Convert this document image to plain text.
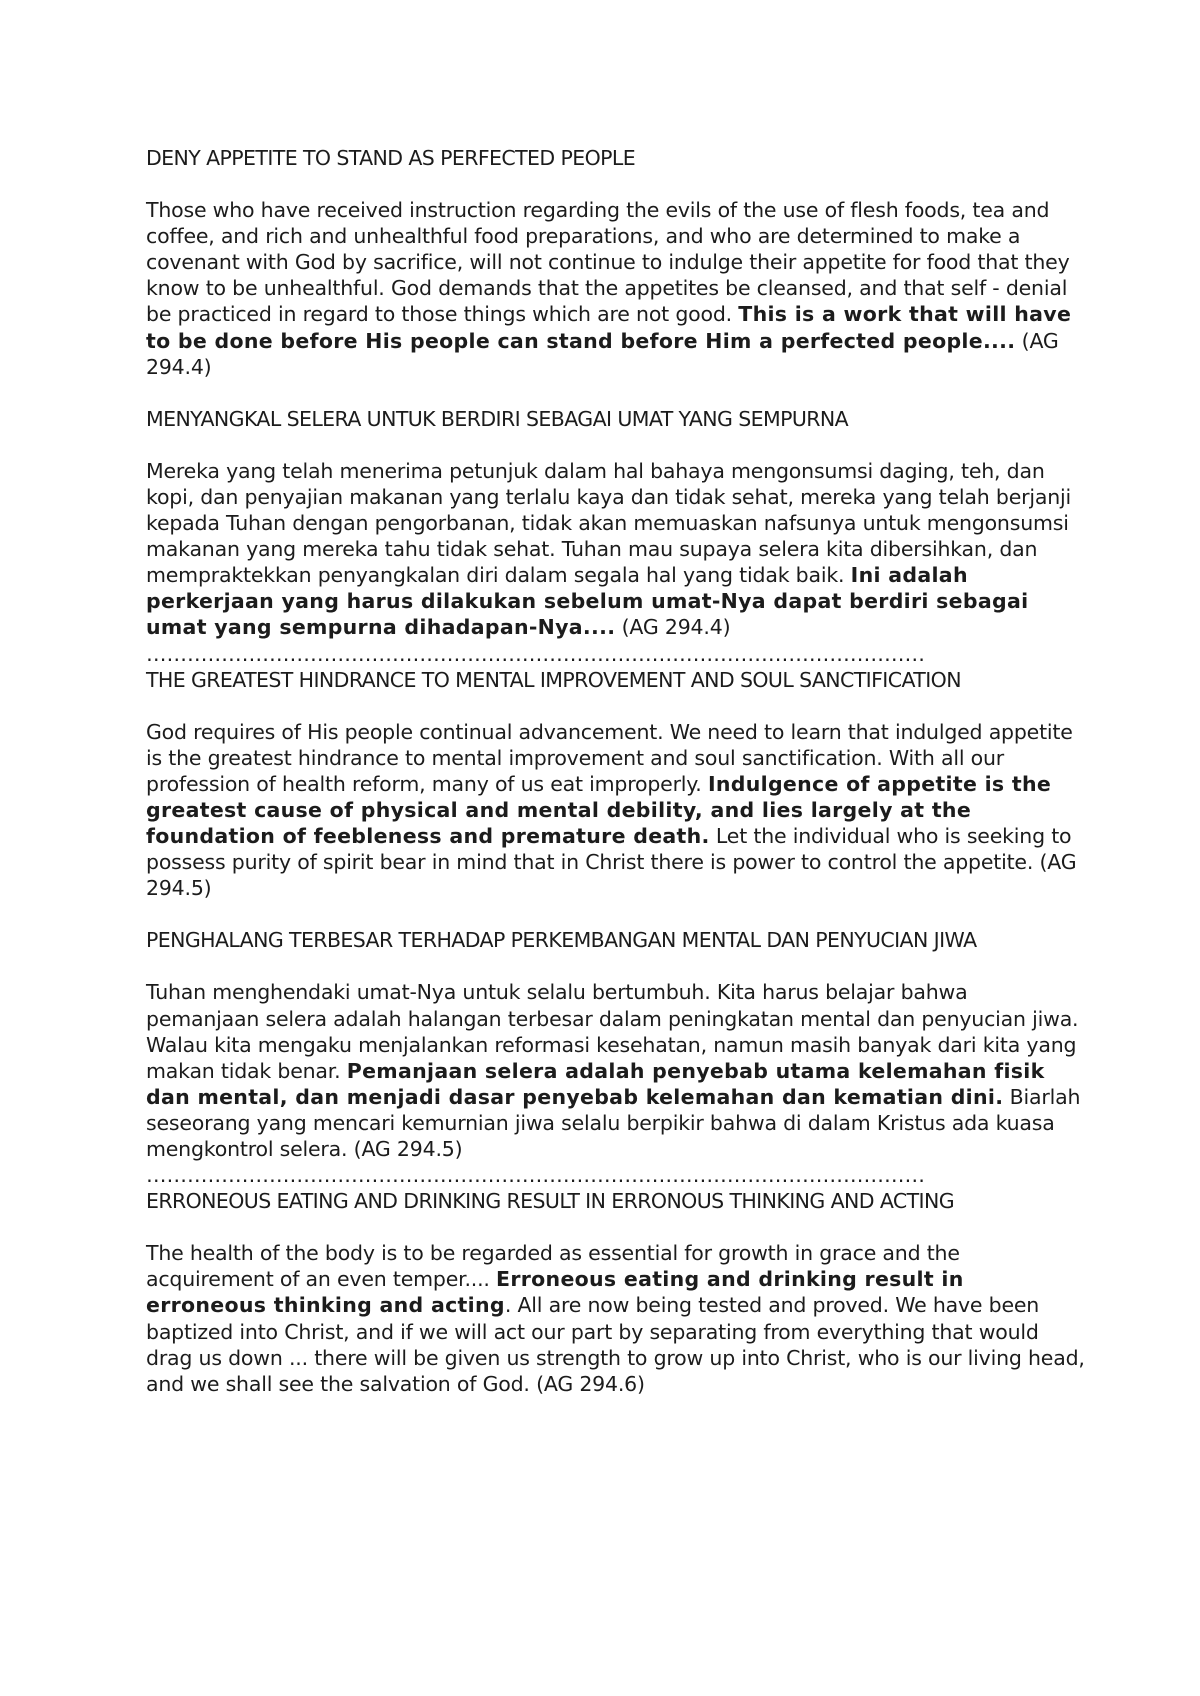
DENY APPETITE TO STAND AS PERFECTED PEOPLE

Those who have received instruction regarding the evils of the use of flesh foods, tea and coffee, and rich and unhealthful food preparations, and who are determined to make a covenant with God by sacrifice, will not continue to indulge their appetite for food that they know to be unhealthful. God demands that the appetites be cleansed, and that self - denial be practiced in regard to those things which are not good. This is a work that will have to be done before His people can stand before Him a perfected people.... (AG 294.4)

MENYANGKAL SELERA UNTUK BERDIRI SEBAGAI UMAT YANG SEMPURNA

Mereka yang telah menerima petunjuk dalam hal bahaya mengonsumsi daging, teh, dan kopi, dan penyajian makanan yang terlalu kaya dan tidak sehat, mereka yang telah berjanji kepada Tuhan dengan pengorbanan, tidak akan memuaskan nafsunya untuk mengonsumsi makanan yang mereka tahu tidak sehat. Tuhan mau supaya selera kita dibersihkan, dan mempraktekkan penyangkalan diri dalam segala hal yang tidak baik. Ini adalah perkerjaan yang harus dilakukan sebelum umat-Nya dapat berdiri sebagai umat yang sempurna dihadapan-Nya.... (AG 294.4)

……………………………………………………………………………………………………

THE GREATEST HINDRANCE TO MENTAL IMPROVEMENT AND SOUL SANCTIFICATION

God requires of His people continual advancement. We need to learn that indulged appetite is the greatest hindrance to mental improvement and soul sanctification. With all our profession of health reform, many of us eat improperly. Indulgence of appetite is the greatest cause of physical and mental debility, and lies largely at the foundation of feebleness and premature death. Let the individual who is seeking to possess purity of spirit bear in mind that in Christ there is power to control the appetite. (AG 294.5)

PENGHALANG TERBESAR TERHADAP PERKEMBANGAN MENTAL DAN PENYUCIAN JIWA

Tuhan menghendaki umat-Nya untuk selalu bertumbuh. Kita harus belajar bahwa pemanjaan selera adalah halangan terbesar dalam peningkatan mental dan penyucian jiwa. Walau kita mengaku menjalankan reformasi kesehatan, namun masih banyak dari kita yang makan tidak benar. Pemanjaan selera adalah penyebab utama kelemahan fisik dan mental, dan menjadi dasar penyebab kelemahan dan kematian dini. Biarlah seseorang yang mencari kemurnian jiwa selalu berpikir bahwa di dalam Kristus ada kuasa mengkontrol selera. (AG 294.5)

……………………………………………………………………………………………………

ERRONEOUS EATING AND DRINKING RESULT IN ERRONOUS THINKING AND ACTING

The health of the body is to be regarded as essential for growth in grace and the acquirement of an even temper.... Erroneous eating and drinking result in erroneous thinking and acting. All are now being tested and proved. We have been baptized into Christ, and if we will act our part by separating from everything that would drag us down ... there will be given us strength to grow up into Christ, who is our living head, and we shall see the salvation of God. (AG 294.6)
